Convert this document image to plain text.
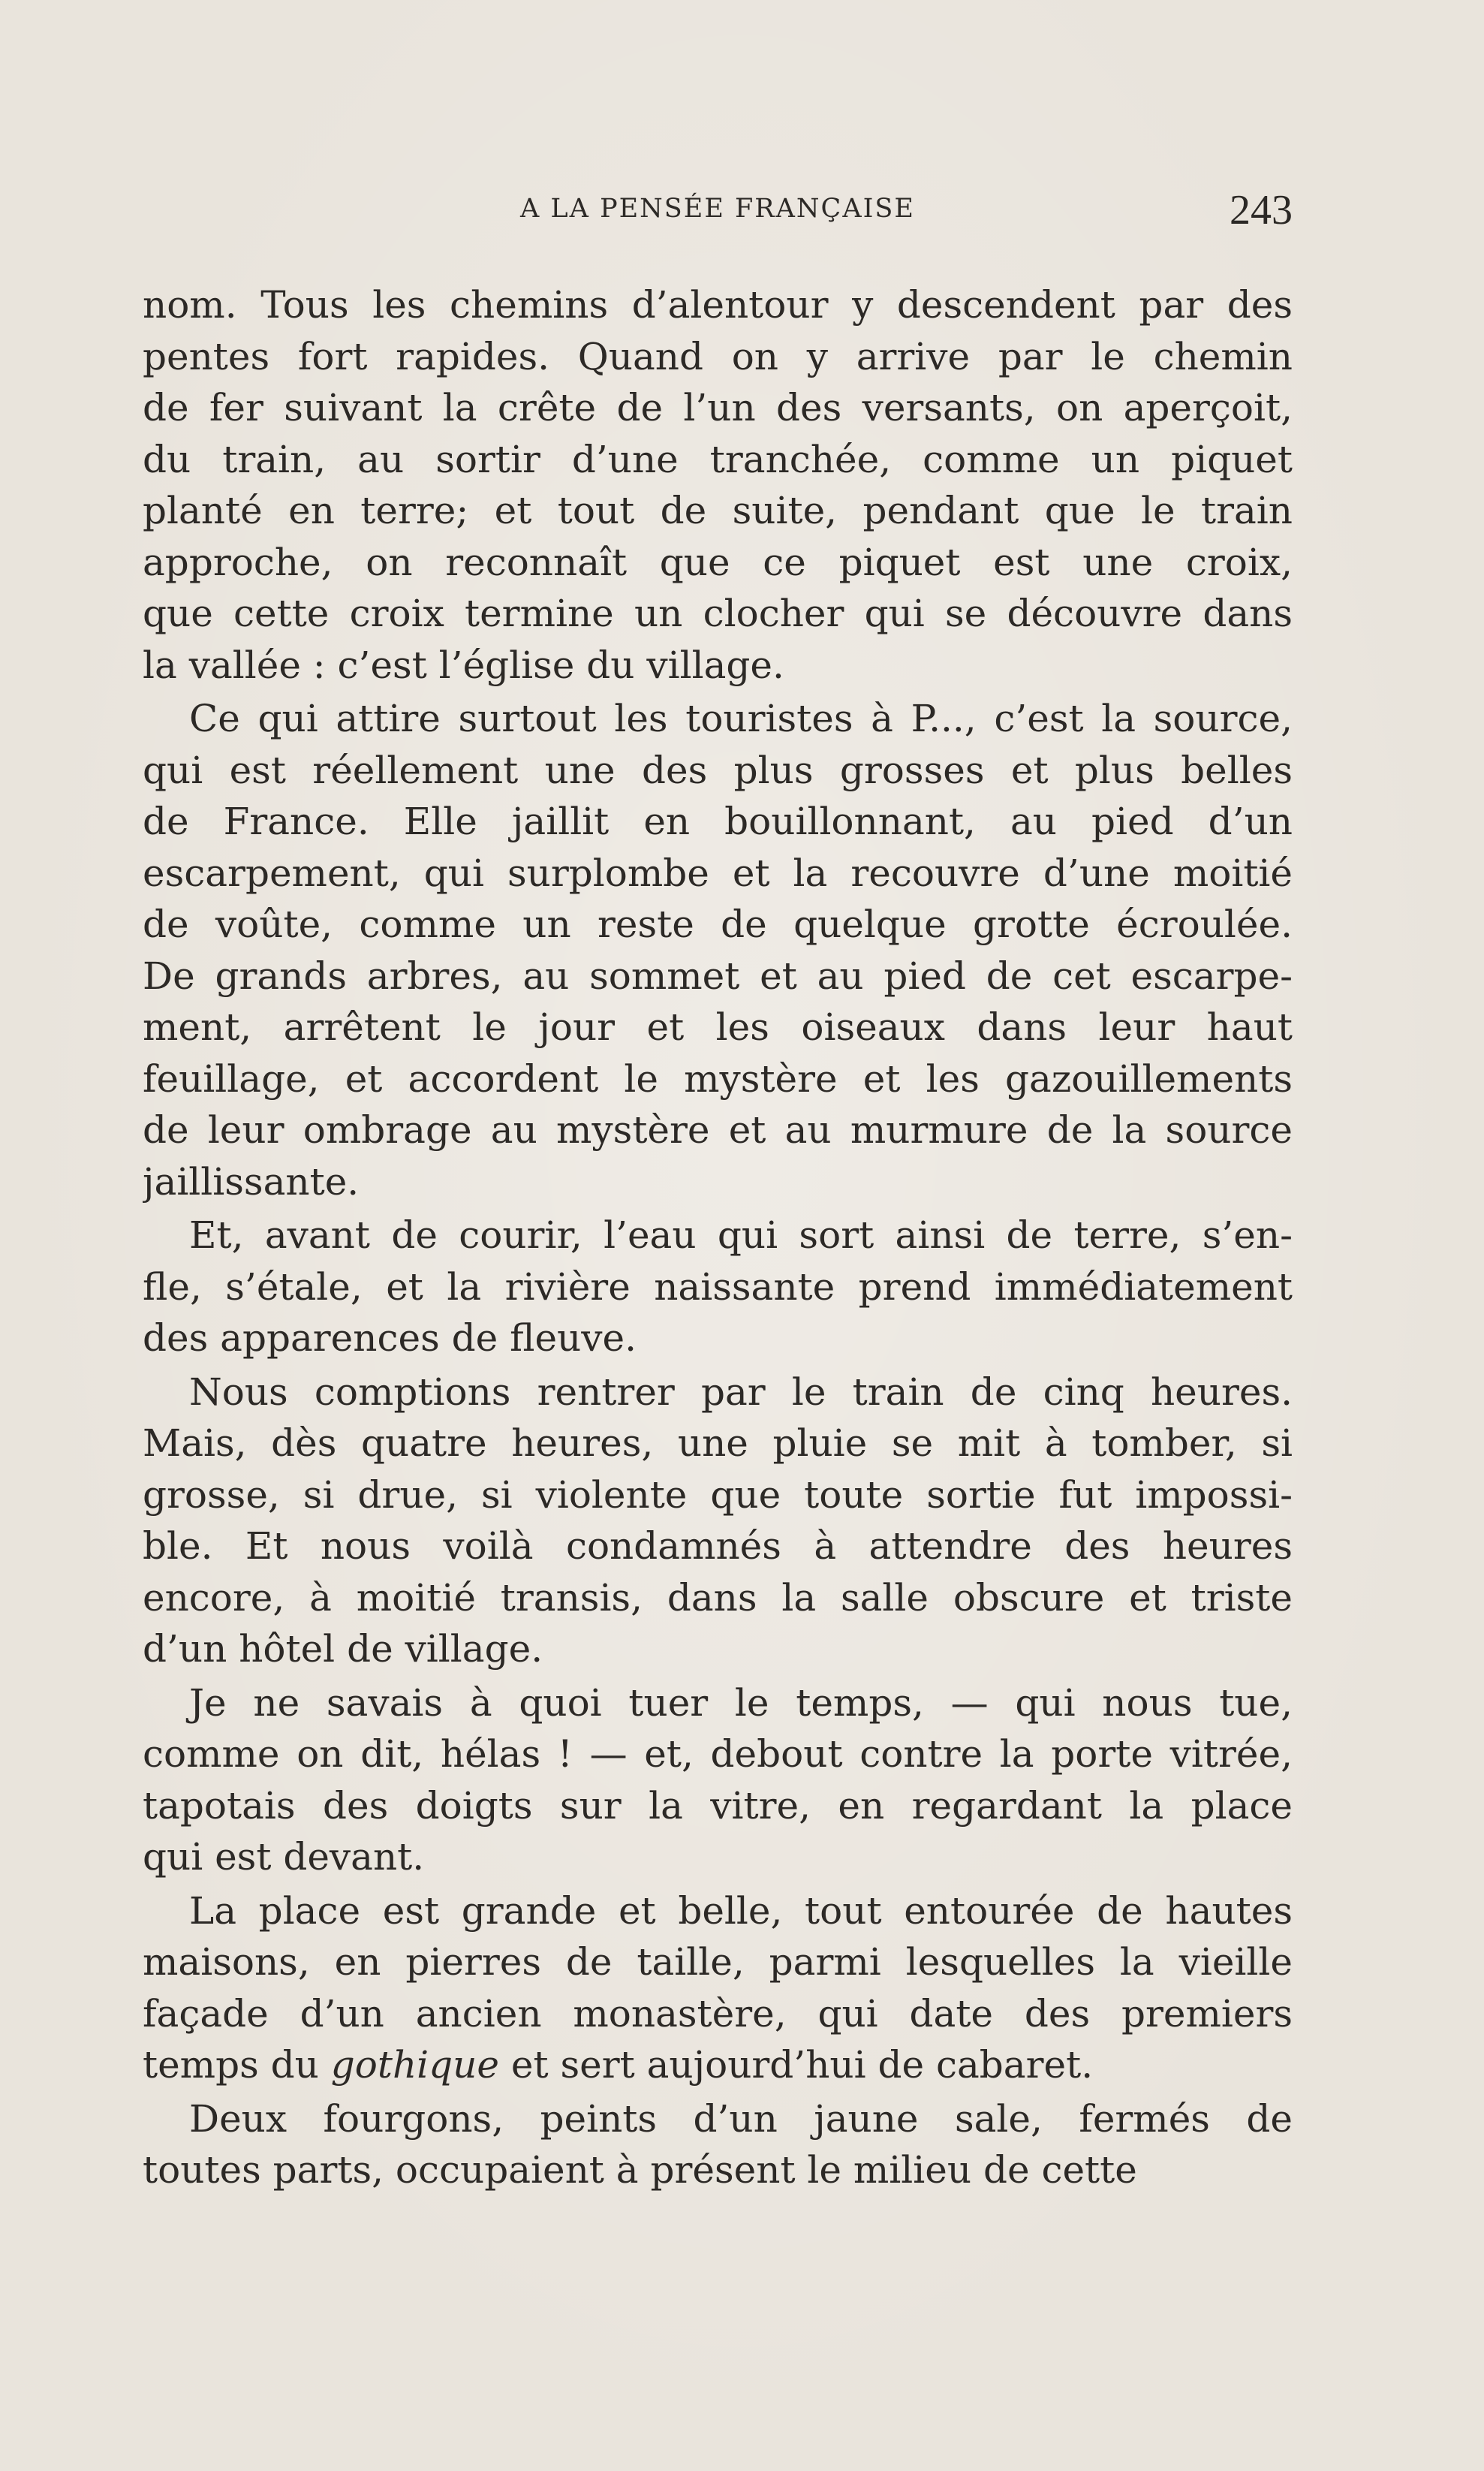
A LA PENSÉE FRANÇAISE	243
nom. Tous les chemins d’alentour y descendent par des
pentes fort rapides. Quand on y arrive par le chemin
de fer suivant la crête de l’un des versants, on aperçoit,
du train, au sortir d’une tranchée, comme un piquet
planté en terre; et tout de suite, pendant que le train
approche, on reconnaît que ce piquet est une croix,
que cette croix termine un clocher qui se découvre dans
la vallée : c’est l’église du village.
Ce qui attire surtout les touristes à P..., c’est la source,
qui est réellement une des plus grosses et plus belles
de France. Elle jaillit en bouillonnant, au pied d’un
escarpement, qui surplombe et la recouvre d’une moitié
de voûte, comme un reste de quelque grotte écroulée.
De grands arbres, au sommet et au pied de cet escarpe-
ment, arrêtent le jour et les oiseaux dans leur haut
feuillage, et accordent le mystère et les gazouillements
de leur ombrage au mystère et au murmure de la source
jaillissante.
Et, avant de courir, l’eau qui sort ainsi de terre, s’en-
fle, s’étale, et la rivière naissante prend immédiatement
des apparences de fleuve.
Nous comptions rentrer par le train de cinq heures.
Mais, dès quatre heures, une pluie se mit à tomber, si
grosse, si drue, si violente que toute sortie fut impossi-
ble. Et nous voilà condamnés à attendre des heures
encore, à moitié transis, dans la salle obscure et triste
d’un hôtel de village.
Je ne savais à quoi tuer le temps, — qui nous tue,
comme on dit, hélas ! — et, debout contre la porte vitrée,
tapotais des doigts sur la vitre, en regardant la place
qui est devant.
La place est grande et belle, tout entourée de hautes
maisons, en pierres de taille, parmi lesquelles la vieille
façade d’un ancien monastère, qui date des premiers
temps du gothique et sert aujourd’hui de cabaret.
Deux fourgons, peints d’un jaune sale, fermés de
toutes parts, occupaient à présent le milieu de cette
